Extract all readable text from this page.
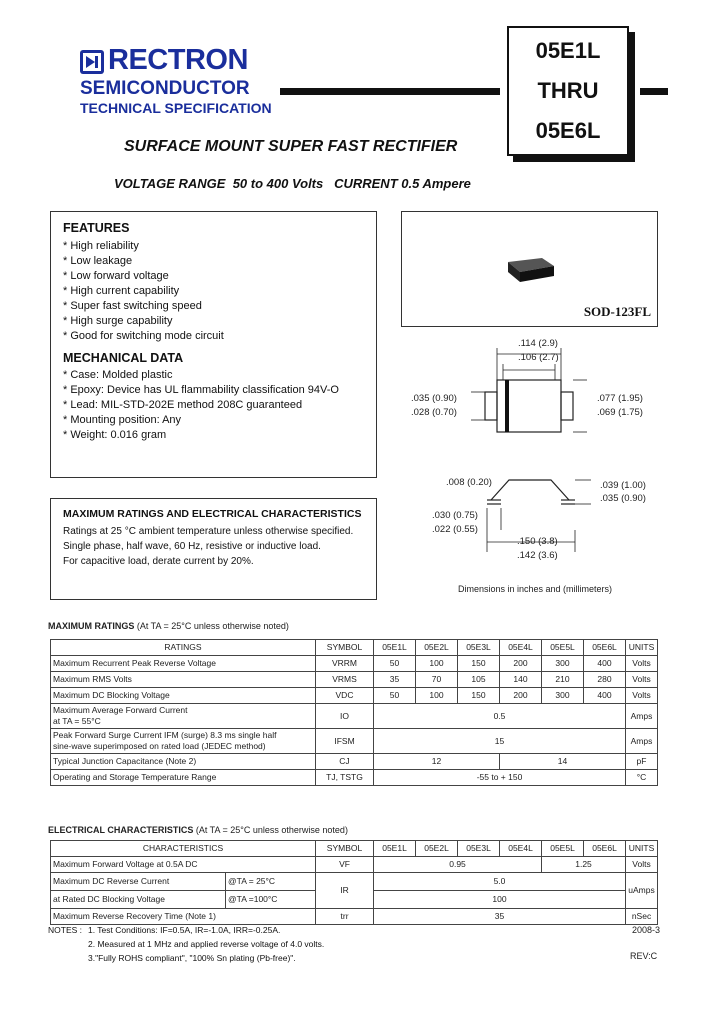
RECTRON
SEMICONDUCTOR
TECHNICAL SPECIFICATION
05E1L
THRU
05E6L
SURFACE MOUNT SUPER FAST RECTIFIER
VOLTAGE RANGE  50 to 400 Volts   CURRENT 0.5 Ampere
FEATURES
* High reliability
* Low leakage
* Low forward voltage
* High current capability
* Super fast switching speed
* High surge capability
* Good for switching mode circuit
MECHANICAL DATA
* Case: Molded plastic
* Epoxy: Device has UL flammability classification 94V-O
* Lead: MIL-STD-202E method 208C guaranteed
* Mounting position: Any
* Weight: 0.016 gram
SOD-123FL
.114 (2.9)
.106 (2.7)
.035 (0.90)
.028 (0.70)
.077 (1.95)
.069 (1.75)
.008 (0.20)	.039 (1.00)
.035 (0.90)
.030 (0.75)
.022 (0.55)
.150 (3.8)
.142 (3.6)
Dimensions in inches and (millimeters)
MAXIMUM RATINGS AND ELECTRICAL CHARACTERISTICS
Ratings at 25 °C ambient temperature unless otherwise specified.
Single phase, half wave, 60 Hz, resistive or inductive load.
For capacitive load, derate current by 20%.
MAXIMUM RATINGS (At TA = 25°C unless otherwise noted)
RATINGS	SYMBOL	05E1L	05E2L	05E3L	05E4L	05E5L	05E6L	UNITS
Maximum Recurrent Peak Reverse Voltage	VRRM	50	100	150	200	300	400	Volts
Maximum RMS Volts	VRMS	35	70	105	140	210	280	Volts
Maximum DC Blocking Voltage	VDC	50	100	150	200	300	400	Volts

Maximum Average Forward Current
at TA = 55°C	IO	0.5						Amps

Peak Forward Surge Current IFM (surge) 8.3 ms single half
sine-wave superimposed on rated load (JEDEC method)	IFSM	15						Amps
Typical Junction Capacitance (Note 2)	CJ	12			14			pF
Operating and Storage Temperature Range	TJ, TSTG	-55 to + 150						°C
ELECTRICAL CHARACTERISTICS (At TA = 25°C unless otherwise noted)
CHARACTERISTICS		SYMBOL	05E1L	05E2L	05E3L	05E4L	05E5L	05E6L	UNITS
Maximum Forward Voltage at 0.5A DC		VF	0.95				1.25		Volts
Maximum DC Reverse Current	@TA = 25°C	IR	5.0						uAmps
at Rated DC Blocking Voltage	@TA =100°C		100						
Maximum Reverse Recovery Time (Note 1)		trr	35						nSec
NOTES : 1. Test Conditions: IF=0.5A, IR=-1.0A, IRR=-0.25A.
2. Measured at 1 MHz and applied reverse voltage of 4.0 volts.
3."Fully ROHS compliant", "100% Sn plating (Pb-free)".
2008-3
REV:C
